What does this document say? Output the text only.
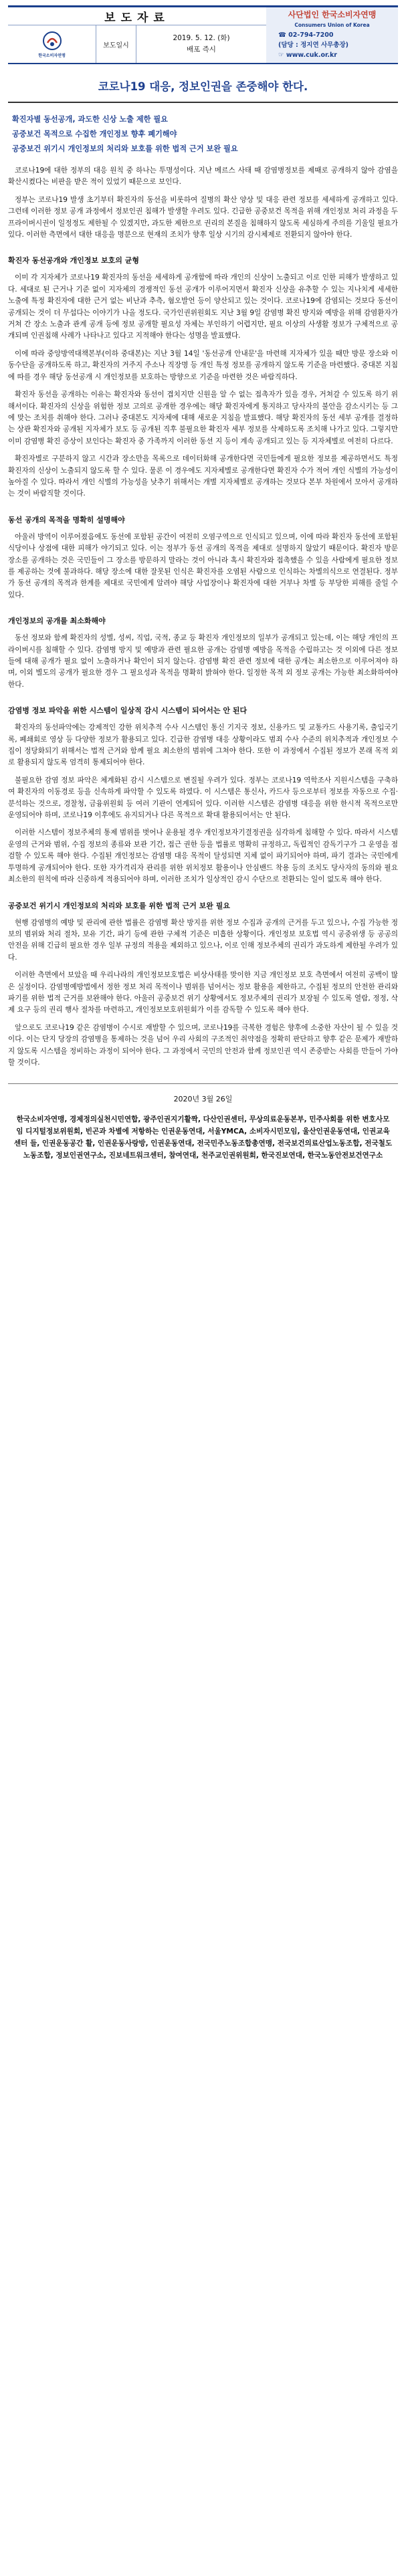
보도자료	사단법인 한국소비자연맹
Consumers Union of Korea
☎ 02-794-7200
(담당 : 정지연 사무총장)
☞ www.cuk.or.kr
한국소비자연맹
보도일시
2019. 5. 12. (화)
배포 즉시
코로나19 대응, 정보인권을 존중해야 한다.

확진자별 동선공개, 과도한 신상 노출 제한 필요

공중보건 목적으로 수집한 개인정보 향후 폐기해야

공중보건 위기시 개인정보의 처리와 보호를 위한 법적 근거 보완 필요

코로나19에 대한 정부의 대응 원칙 중 하나는 투명성이다. 지난 메르스 사태 때 감염병정보를 제때로 공개하지 않아 감염을 확산시켰다는 비판을 받은 적이 있었기 때문으로 보인다.

정부는 코로나19 발생 초기부터 확진자의 동선을 비롯하여 질병의 확산 양상 및 대응 관련 정보를 세세하게 공개하고 있다. 그런데 이러한 정보 공개 과정에서 정보인권 침해가 발생할 우려도 있다. 긴급한 공중보건 목적을 위해 개인정보 처리 과정을 두 프라이버시권이 일정정도 제한될 수 있겠지만, 과도한 제한으로 권리의 본질을 침해하지 않도록 세심하게 주의를 기울일 필요가 있다. 이러한 측면에서 대한 대응을 명분으로 현재의 조치가 향후 일상 시기의 감시체제로 전환되지 않아야 한다.

확진자 동선공개와 개인정보 보호의 균형

이미 각 지자체가 코로나19 확진자의 동선을 세세하게 공개함에 따라 개인의 신상이 노출되고 이로 인한 피해가 발생하고 있다. 세대로 된 근거나 기준 없이 지자체의 경쟁적인 동선 공개가 이루어지면서 확진자 신상을 유추할 수 있는 지나치게 세세한 노출에 특정 확진자에 대한 근거 없는 비난과 추측, 혐오발언 등이 양산되고 있는 것이다. 코로나19에 감염되는 것보다 동선이 공개되는 것이 더 무섭다는 이야기가 나올 정도다. 국가인권위원회도 지난 3월 9일 감염병 확진 방지와 예방을 위해 감염환자가 거쳐 간 장소 노출과 관계 공개 등에 정보 공개할 필요성 자체는 부인하기 어렵지만, 필요 이상의 사생활 정보가 구체적으로 공개되며 인권침해 사례가 나타나고 있다고 지적해야 한다는 성명을 발표했다.

이에 따라 중앙방역대책본부(이하 중대본)는 지난 3월 14일 '동선공개 안내문'을 마련해 지자체가 있을 때만 방문 장소와 이동수단을 공개하도록 하고, 확진자의 거주지 주소나 직장명 등 개인 특정 정보를 공개하지 않도록 기준을 마련했다. 중대본 지침에 따를 경우 해당 동선공개 시 개인정보를 보호하는 방향으로 기준을 마련한 것은 바람직하다.

확진자 동선을 공개하는 이유는 확진자와 동선이 겹치지만 신원을 알 수 없는 접촉자가 있을 경우, 거쳐갈 수 있도록 하기 위해서이다. 확진자의 신상을 위험한 정보 고의로 공개한 경우에는 해당 확진자에게 통지하고 당사자의 불안을 감소시키는 등 그에 맞는 조치를 취해야 한다. 그러나 중대본도 지자체에 대해 새로운 지침을 발표했다. 해당 확진자의 동선 세부 공개를 결정하는 상관 확진자와 공개된 지자체가 보도 등 공개된 직후 불필요한 확진자 세부 정보를 삭제하도록 조치해 나가고 있다. 그렇지만 이미 감염병 확진 증상이 보인다는 확진자 중 가족까지 이러한 동선 지 등이 계속 공개되고 있는 등 지자체별로 여전히 다르다.

확진자별로 구분하지 않고 시간과 장소만을 목록으로 데이터화해 공개한다면 국민들에게 필요한 정보를 제공하면서도 특정 확진자의 신상이 노출되지 않도록 할 수 있다. 물론 이 경우에도 지자체별로 공개한다면 확진자 수가 적어 개인 식별의 가능성이 높아질 수 있다. 따라서 개인 식별의 가능성을 낮추기 위해서는 개별 지자체별로 공개하는 것보다 본부 차원에서 모아서 공개하는 것이 바람직할 것이다.

동선 공개의 목적을 명확히 설명해야

아울러 방역이 이루어졌음에도 동선에 포함된 공간이 여전히 오염구역으로 인식되고 있으며, 이에 따라 확진자 동선에 포함된 식당이나 상점에 대한 피해가 야기되고 있다. 이는 정부가 동선 공개의 목적을 제대로 설명하지 않았기 때문이다. 확진자 방문 장소를 공개하는 것은 국민들이 그 장소를 방문하지 말라는 것이 아니라 혹시 확진자와 접촉했을 수 있을 사람에게 필요한 정보를 제공하는 것에 불과하다. 해당 장소에 대한 잘못된 인식은 확진자를 오염된 사람으로 인식하는 차별의식으로 연결된다. 정부가 동선 공개의 목적과 한계를 제대로 국민에게 알려야 해당 사업장이나 확진자에 대한 거부나 차별 등 부당한 피해를 줄일 수 있다.

개인정보의 공개를 최소화해야

동선 정보와 함께 확진자의 성별, 성씨, 직업, 국적, 종교 등 확진자 개인정보의 일부가 공개되고 있는데, 이는 해당 개인의 프라이버시를 침해할 수 있다. 감염병 방지 및 예방과 관련 필요한 공개는 감염병 예방을 목적을 수립하고는 것 이외에 다른 정보들에 대해 공개가 필요 없이 노출하거나 확인이 되지 않는다. 감염병 확진 관련 정보에 대한 공개는 최소한으로 이루어져야 하며, 이외 별도의 공개가 필요한 경우 그 필요성과 목적을 명확히 밝혀야 한다. 일정한 목적 외 정보 공개는 가능한 최소화하여야 한다.

감염병 정보 파악을 위한 시스템이 일상적 감시 시스템이 되어서는 안 된다

확진자의 동선파악에는 강제적인 강한 위치추적 수사 시스템인 통신 기지국 정보, 신용카드 및 교통카드 사용기록, 출입국기록, 폐쇄회로 영상 등 다양한 정보가 활용되고 있다. 긴급한 감염병 대응 상황이라도 범죄 수사 수준의 위치추적과 개인정보 수집이 정당화되기 위해서는 법적 근거와 함께 필요 최소한의 범위에 그쳐야 한다. 또한 이 과정에서 수집된 정보가 본래 목적 외로 활용되지 않도록 엄격히 통제되어야 한다.

불필요한 감염 정보 파악은 체계화된 감시 시스템으로 변질될 우려가 있다. 정부는 코로나19 역학조사 지원시스템을 구축하여 확진자의 이동경로 등을 신속하게 파악할 수 있도록 하였다. 이 시스템은 통신사, 카드사 등으로부터 정보를 자동으로 수집·분석하는 것으로, 경찰청, 금융위원회 등 여러 기관이 연계되어 있다. 이러한 시스템은 감염병 대응을 위한 한시적 목적으로만 운영되어야 하며, 코로나19 이후에도 유지되거나 다른 목적으로 확대 활용되어서는 안 된다.

이러한 시스템이 정보주체의 통제 범위를 벗어나 운용될 경우 개인정보자기결정권을 심각하게 침해할 수 있다. 따라서 시스템 운영의 근거와 범위, 수집 정보의 종류와 보관 기간, 접근 권한 등을 법률로 명확히 규정하고, 독립적인 감독기구가 그 운영을 점검할 수 있도록 해야 한다. 수집된 개인정보는 감염병 대응 목적이 달성되면 지체 없이 파기되어야 하며, 파기 결과는 국민에게 투명하게 공개되어야 한다. 또한 자가격리자 관리를 위한 위치정보 활용이나 안심밴드 착용 등의 조치도 당사자의 동의와 필요 최소한의 원칙에 따라 신중하게 적용되어야 하며, 이러한 조치가 일상적인 감시 수단으로 전환되는 일이 없도록 해야 한다.

공중보건 위기시 개인정보의 처리와 보호를 위한 법적 근거 보완 필요

현행 감염병의 예방 및 관리에 관한 법률은 감염병 확산 방지를 위한 정보 수집과 공개의 근거를 두고 있으나, 수집 가능한 정보의 범위와 처리 절차, 보유 기간, 파기 등에 관한 구체적 기준은 미흡한 상황이다. 개인정보 보호법 역시 공중위생 등 공공의 안전을 위해 긴급히 필요한 경우 일부 규정의 적용을 제외하고 있으나, 이로 인해 정보주체의 권리가 과도하게 제한될 우려가 있다.

이러한 측면에서 보았을 때 우리나라의 개인정보보호법은 비상사태를 맞이한 지금 개인정보 보호 측면에서 여전히 공백이 많은 실정이다. 감염병예방법에서 정한 정보 처리 목적이나 범위를 넘어서는 정보 활용을 제한하고, 수집된 정보의 안전한 관리와 파기를 위한 법적 근거를 보완해야 한다. 아울러 공중보건 위기 상황에서도 정보주체의 권리가 보장될 수 있도록 열람, 정정, 삭제 요구 등의 권리 행사 절차를 마련하고, 개인정보보호위원회가 이를 감독할 수 있도록 해야 한다.

앞으로도 코로나19 같은 감염병이 수시로 재발할 수 있으며, 코로나19를 극복한 경험은 향후에 소중한 자산이 될 수 있을 것이다. 이는 단지 당장의 감염병을 통제하는 것을 넘어 우리 사회의 구조적인 취약점을 정확히 판단하고 향후 같은 문제가 재발하지 않도록 시스템을 정비하는 과정이 되어야 한다. 그 과정에서 국민의 안전과 함께 정보인권 역시 존중받는 사회를 만들어 가야 할 것이다.

2020년 3월 26일
한국소비자연맹, 경제정의실천시민연합, 광주인권지기활짝, 다산인권센터, 무상의료운동본부, 민주사회를 위한 변호사모임 디지털정보위원회, 빈곤과 차별에 저항하는 인권운동연대, 서울YMCA, 소비자시민모임, 울산인권운동연대, 인권교육센터 들, 인권운동공간 활, 인권운동사랑방, 인권운동연대, 전국민주노동조합총연맹, 전국보건의료산업노동조합, 전국철도노동조합, 정보인권연구소, 진보네트워크센터, 참여연대, 천주교인권위원회, 한국진보연대, 한국노동안전보건연구소
